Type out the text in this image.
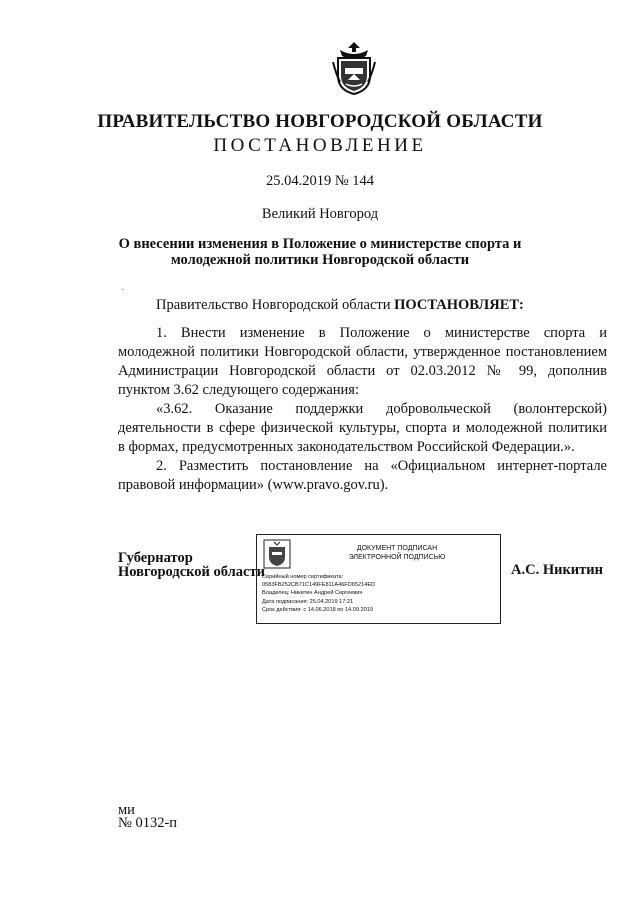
ПРАВИТЕЛЬСТВО НОВГОРОДСКОЙ ОБЛАСТИ
ПОСТАНОВЛЕНИЕ
25.04.2019 № 144
Великий Новгород
О внесении изменения в Положение о министерстве спорта и
молодежной политики Новгородской области
·
Правительство Новгородской области ПОСТАНОВЛЯЕТ:
1. Внести изменение в Положение о министерстве спорта и
молодежной политики Новгородской области, утвержденное постановлением
Администрации Новгородской области от 02.03.2012 № 99, дополнив
пунктом 3.62 следующего содержания:
«3.62. Оказание поддержки добровольческой (волонтерской)
деятельности в сфере физической культуры, спорта и молодежной политики
в формах, предусмотренных законодательством Российской Федерации.».
2. Разместить постановление на «Официальном интернет-портале
правовой информации» (www.pravo.gov.ru).
Губернатор
Новгородской области
ДОКУМЕНТ ПОДПИСАН
ЭЛЕКТРОННОЙ ПОДПИСЬЮ
Серийный номер сертификата:
0583FB252CB71C149FE811A46FD65214ED
Владелец: Никитин Андрей Сергеевич
Дата подписания: 25.04.2019 17:21
Срок действия: с 14.06.2018 по 14.09.2019
А.С. Никитин
ми
№ 0132-п
